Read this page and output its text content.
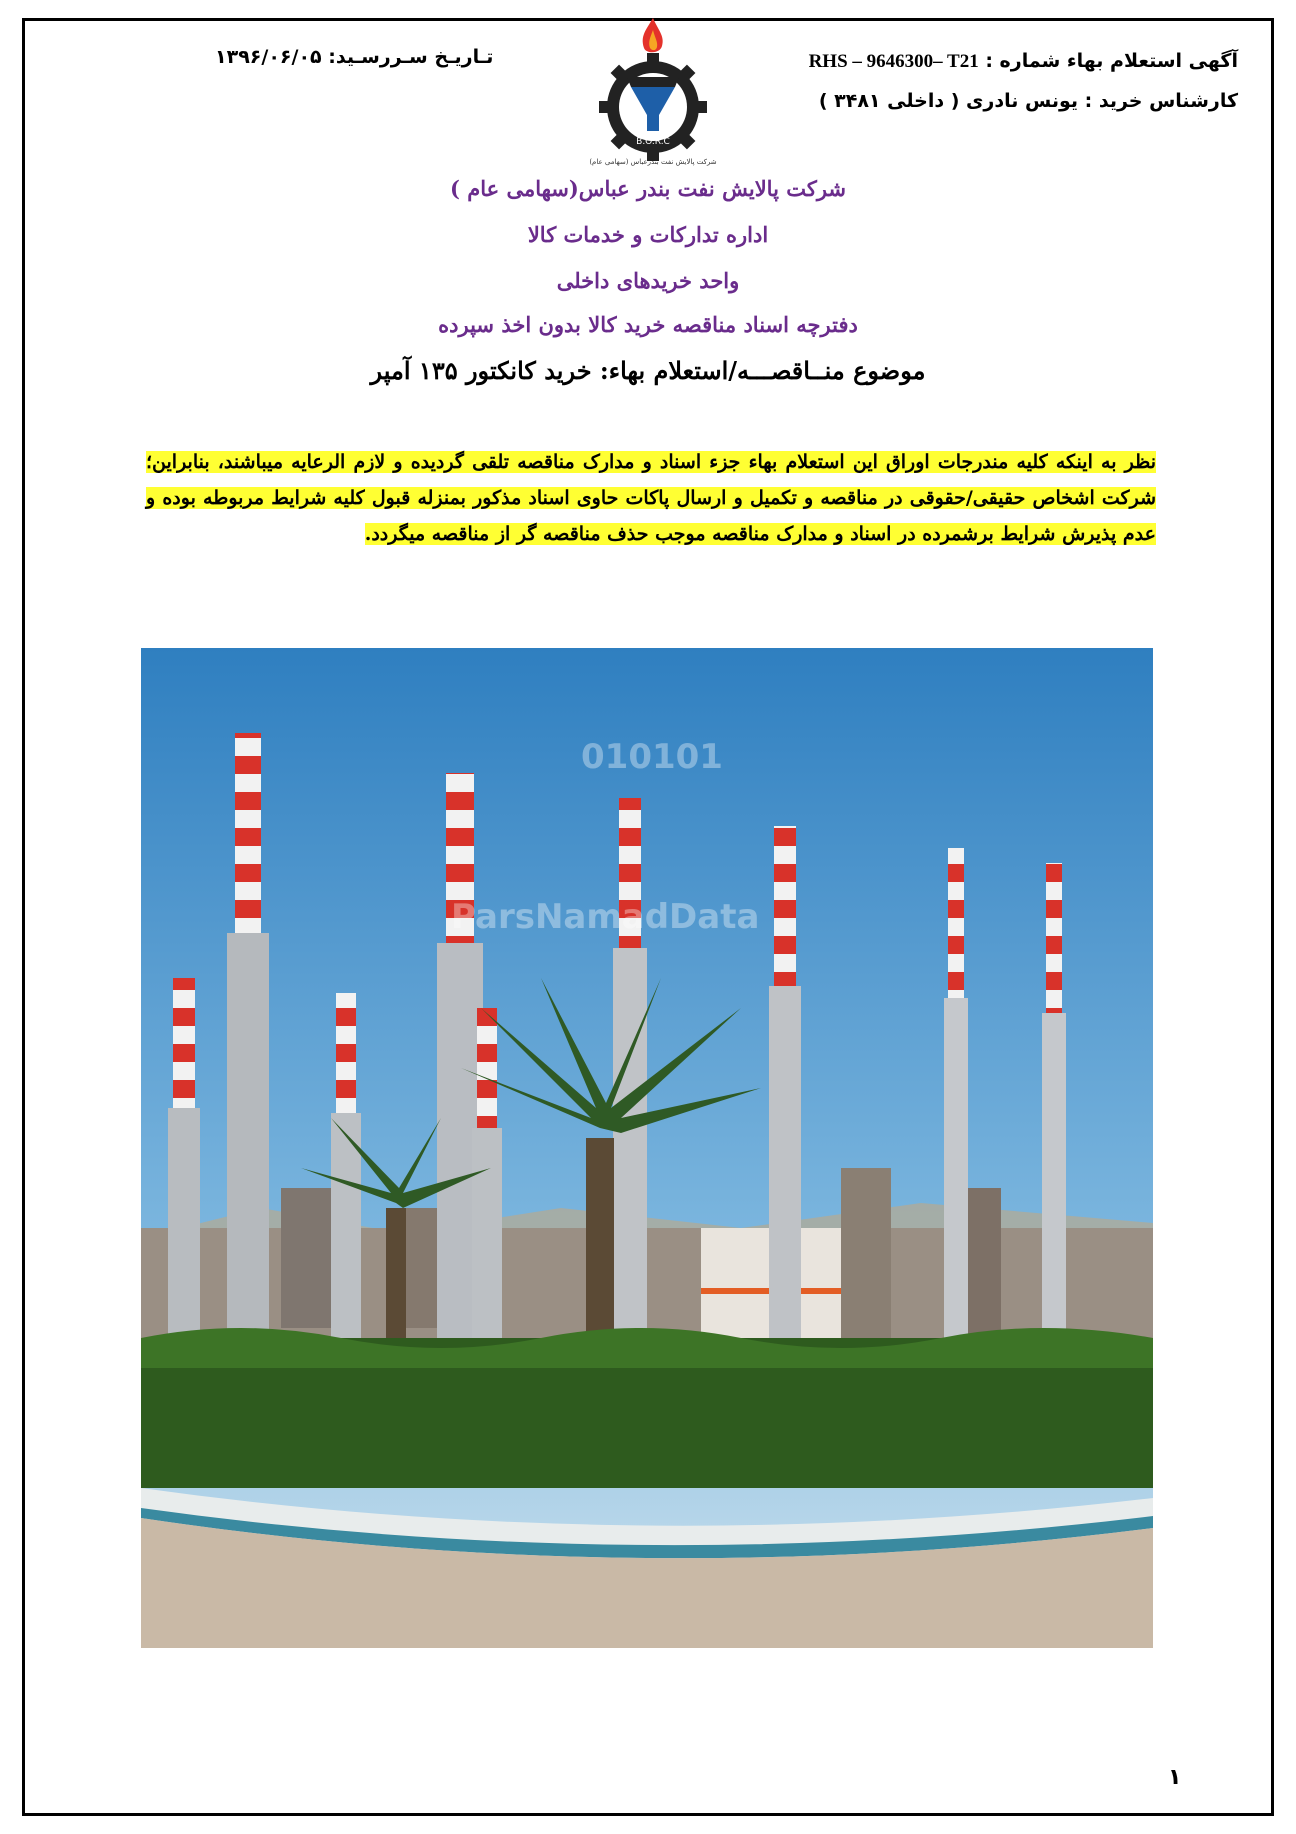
آگهی استعلام بهاء شماره : RHS – 9646300– T21
کارشناس خرید : یونس نادری ( داخلی ۳۴۸۱ )
تـاریـخ سـررسـید: ۱۳۹۶/۰۶/۰۵
B.O.R.C
شرکت پالایش نفت بندرعباس (سهامی عام)
شرکت پالایش نفت بندر عباس(سهامی عام )
اداره تدارکات و خدمات کالا
واحد خریدهای داخلی
دفترچه اسناد مناقصه خرید کالا بدون اخذ سپرده
موضوع منــاقصـــه/استعلام بهاء: خرید کانکتور ۱۳۵ آمپر
نظر به اینکه کلیه مندرجات اوراق این استعلام بهاء جزء اسناد و مدارک مناقصه تلقی گردیده و لازم الرعایه میباشند، بنابراین؛ شرکت اشخاص حقیقی/حقوقی در مناقصه و تکمیل و ارسال پاکات حاوی اسناد مذکور بمنزله قبول کلیه شرایط مربوطه بوده و عدم پذیرش شرایط برشمرده در اسناد و مدارک مناقصه موجب حذف مناقصه گر از مناقصه میگردد.
ParsNamadData
010101
۱
